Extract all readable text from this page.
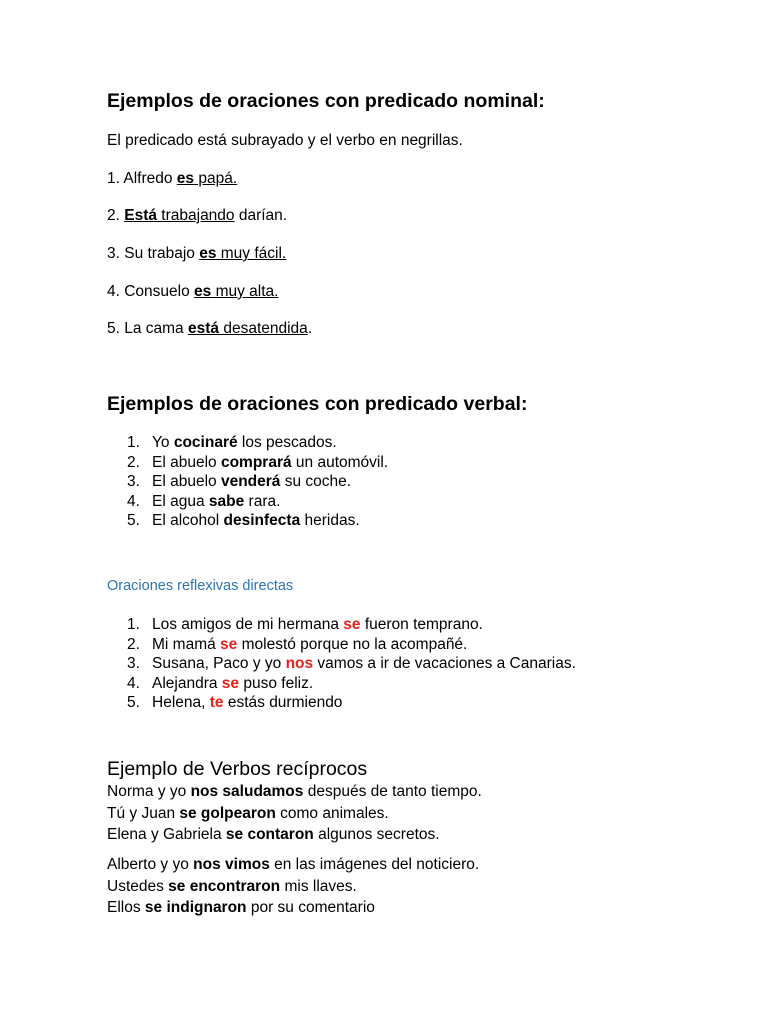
Ejemplos de oraciones con predicado nominal:

El predicado está subrayado y el verbo en negrillas.

1. Alfredo es papá.

2. Está trabajando darían.

3. Su trabajo es muy fácil.

4. Consuelo es muy alta.

5. La cama está desatendida.

Ejemplos de oraciones con predicado verbal:
1. Yo cocinaré los pescados.
2. El abuelo comprará un automóvil.
3. El abuelo venderá su coche.
4. El agua sabe rara.
5. El alcohol desinfecta heridas.

Oraciones reflexivas directas

1. Los amigos de mi hermana se fueron temprano.
2. Mi mamá se molestó porque no la acompañé.
3. Susana, Paco y yo nos vamos a ir de vacaciones a Canarias.
4. Alejandra se puso feliz.
5. Helena, te estás durmiendo
Ejemplo de Verbos recíprocos

Norma y yo nos saludamos después de tanto tiempo.

Tú y Juan se golpearon como animales.

Elena y Gabriela se contaron algunos secretos.

Alberto y yo nos vimos en las imágenes del noticiero.

Ustedes se encontraron mis llaves.

Ellos se indignaron por su comentario
